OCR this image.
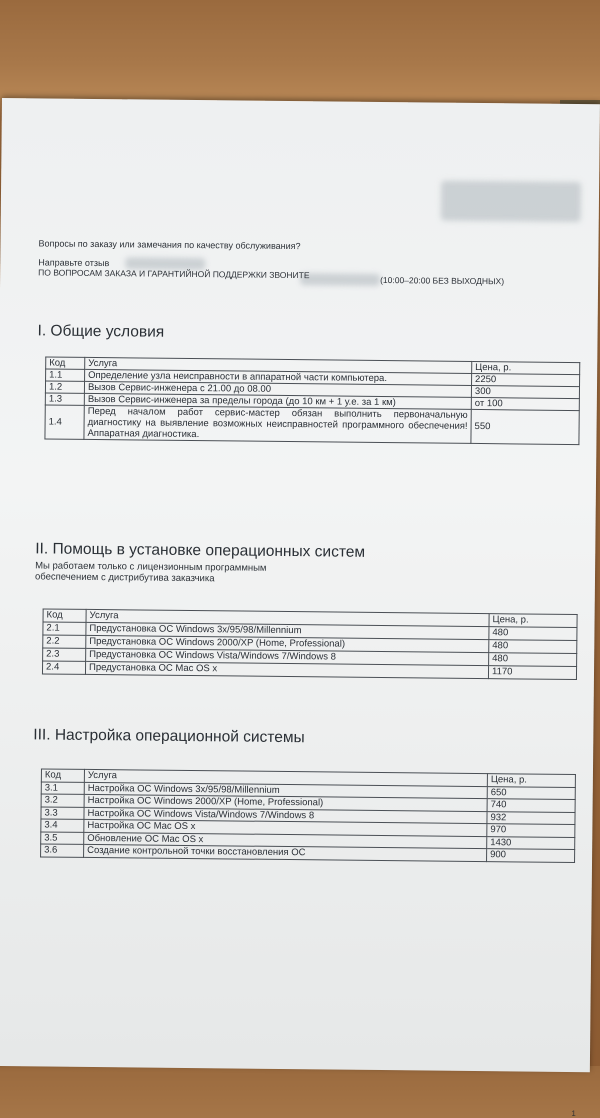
Вопросы по заказу или замечания по качеству обслуживания?
Направьте отзыв
ПО ВОПРОСАМ ЗАКАЗА И ГАРАНТИЙНОЙ ПОДДЕРЖКИ ЗВОНИТЕ
(10:00–20:00 БЕЗ ВЫХОДНЫХ)
I. Общие условия
Код	Услуга	Цена, р.
1.1	Определение узла неисправности в аппаратной части компьютера.	2250
1.2	Вызов Сервис-инженера с 21.00 до 08.00	300
1.3	Вызов Сервис-инженера за пределы города (до 10 км + 1 у.е. за 1 км)	от 100
1.4	Перед началом работ сервис-мастер обязан выполнить первоначальную диагностику на выявление возможных неисправностей программного обеспечения! Аппаратная диагностика.	550
II. Помощь в установке операционных систем
Мы работаем только с лицензионным программным
обеспечением с дистрибутива заказчика
Код	Услуга	Цена, р.
2.1	Предустановка ОС Windows 3x/95/98/Millennium	480
2.2	Предустановка ОС Windows 2000/XP (Home, Professional)	480
2.3	Предустановка ОС Windows Vista/Windows 7/Windows 8	480
2.4	Предустановка ОС Mac OS x	1170
III. Настройка операционной системы
Код	Услуга	Цена, р.
3.1	Настройка ОС Windows 3x/95/98/Millennium	650
3.2	Настройка ОС Windows 2000/XP (Home, Professional)	740
3.3	Настройка ОС Windows Vista/Windows 7/Windows 8	932
3.4	Настройка ОС Mac OS x	970
3.5	Обновление ОС Mac OS x	1430
3.6	Создание контрольной точки восстановления ОС	900
1
